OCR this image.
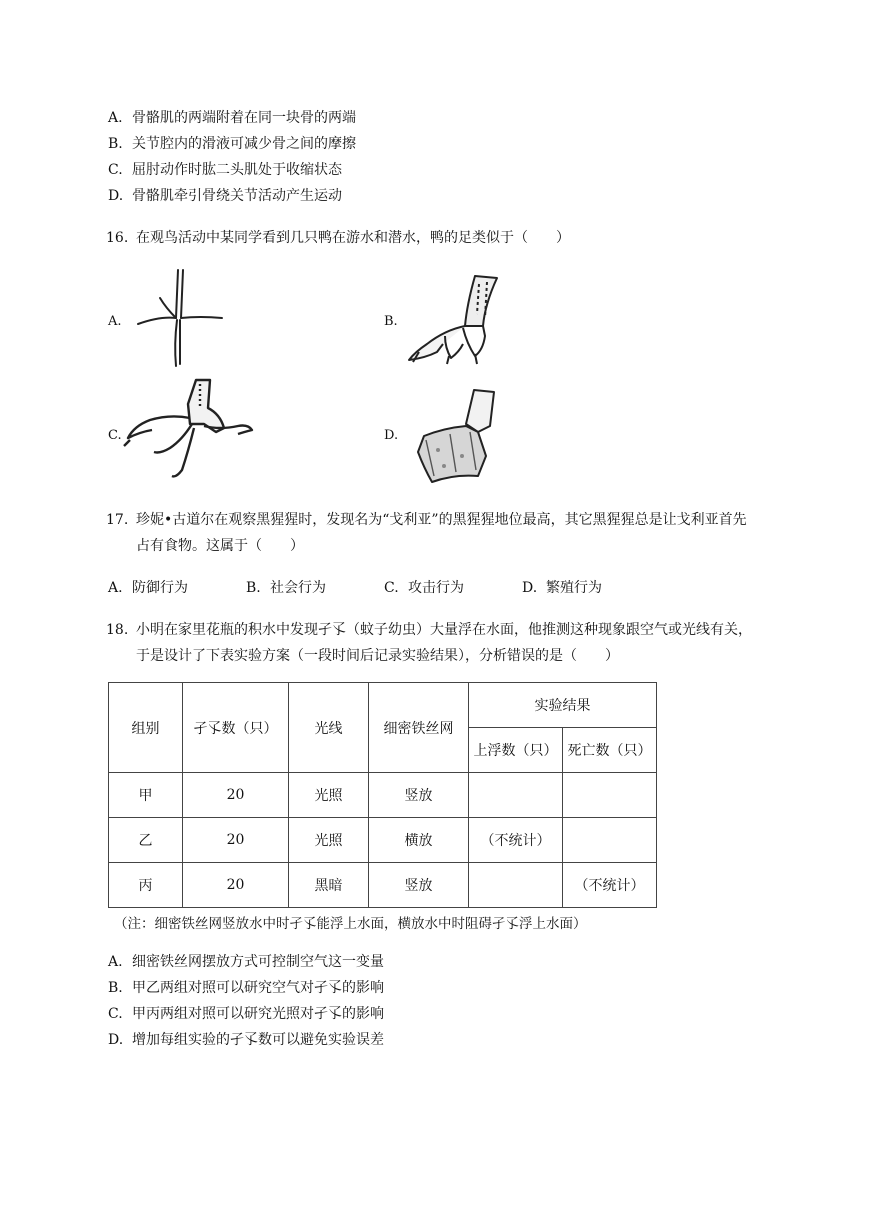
A. 骨骼肌的两端附着在同一块骨的两端
B. 关节腔内的滑液可减少骨之间的摩擦
C. 屈肘动作时肱二头肌处于收缩状态
D. 骨骼肌牵引骨绕关节活动产生运动
16. 在观鸟活动中某同学看到几只鸭在游水和潜水，鸭的足类似于（　　）
A.	B.
C.	D.
17. 珍妮•古道尔在观察黑猩猩时，发现名为“戈利亚”的黑猩猩地位最高，其它黑猩猩总是让戈利亚首先
占有食物。这属于（　　）
A. 防御行为	B. 社会行为	C. 攻击行为	D. 繁殖行为
18. 小明在家里花瓶的积水中发现孑孓（蚊子幼虫）大量浮在水面，他推测这种现象跟空气或光线有关，
于是设计了下表实验方案（一段时间后记录实验结果），分析错误的是（　　）
组别	孑孓数（只）	光线	细密铁丝网	实验结果	
				上浮数（只）	死亡数（只）
甲	20	光照	竖放		
乙	20	光照	横放	（不统计）	
丙	20	黑暗	竖放		（不统计）
（注：细密铁丝网竖放水中时孑孓能浮上水面，横放水中时阻碍孑孓浮上水面）
A. 细密铁丝网摆放方式可控制空气这一变量
B. 甲乙两组对照可以研究空气对孑孓的影响
C. 甲丙两组对照可以研究光照对孑孓的影响
D. 增加每组实验的孑孓数可以避免实验误差
